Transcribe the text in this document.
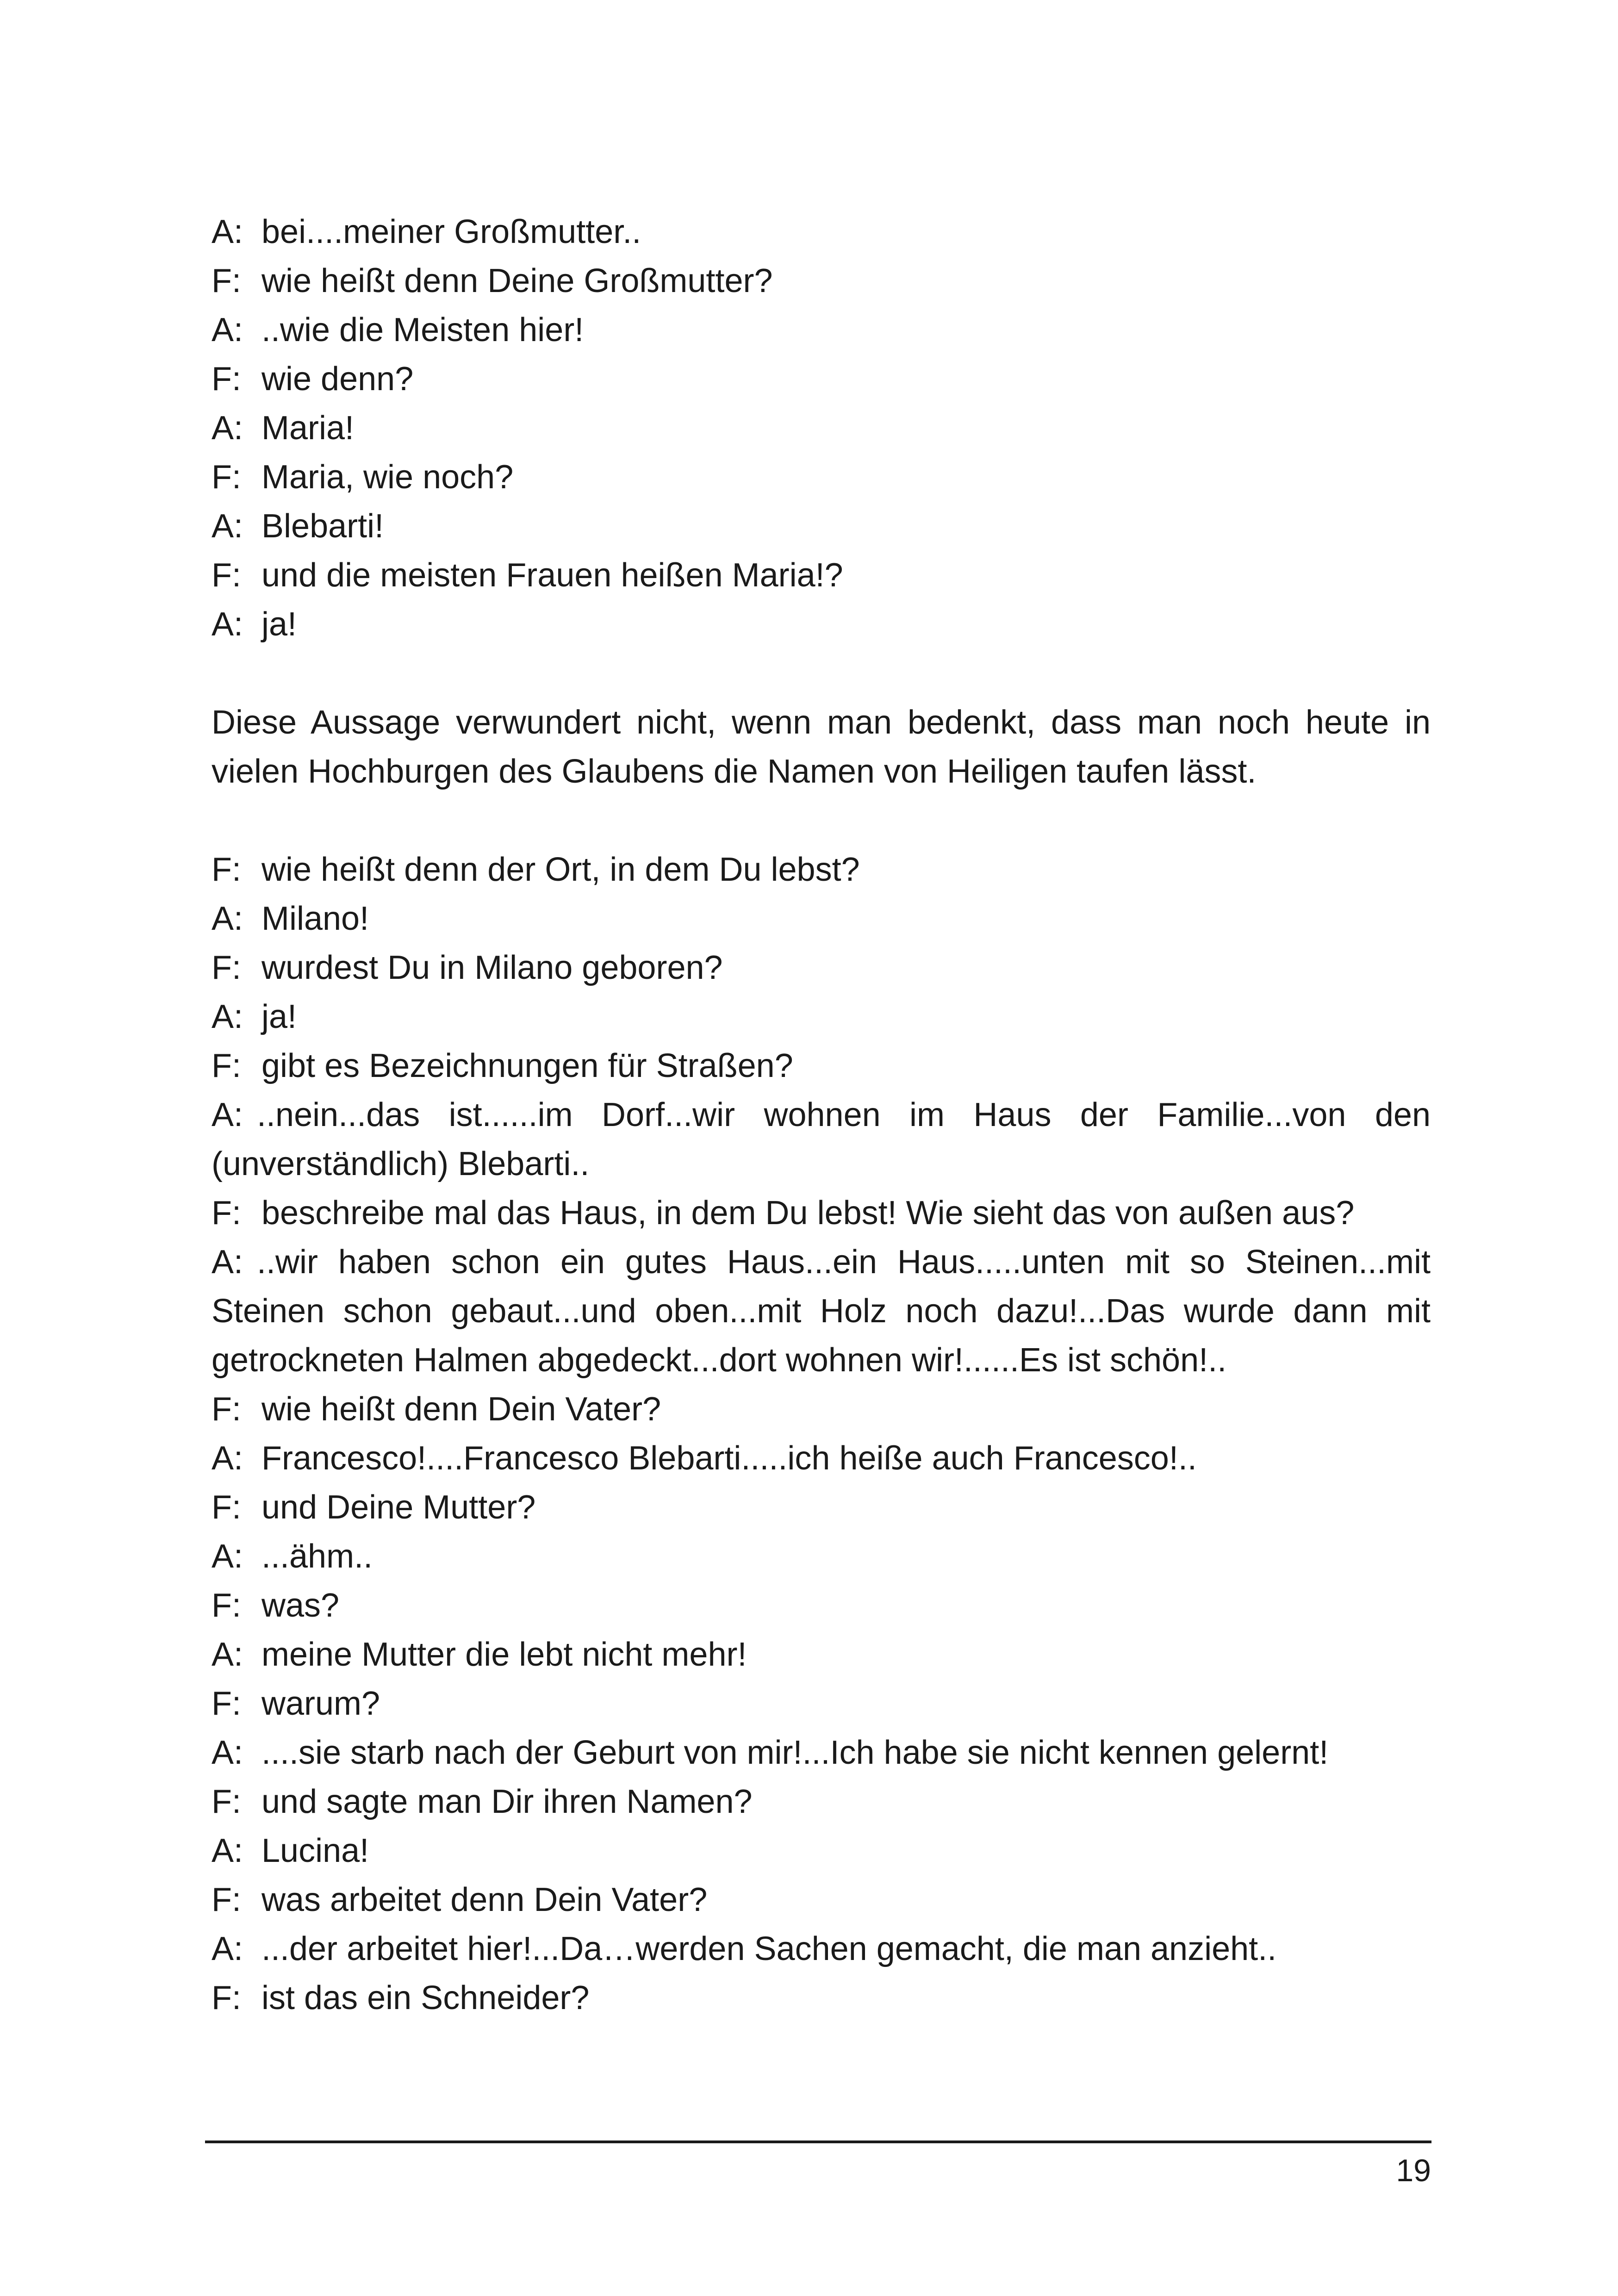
A: bei....meiner Großmutter..
F: wie heißt denn Deine Großmutter?
A: ..wie die Meisten hier!
F: wie denn?
A: Maria!
F: Maria, wie noch?
A: Blebarti!
F: und die meisten Frauen heißen Maria!?
A: ja!

Diese Aussage verwundert nicht, wenn man bedenkt, dass man noch heute in vielen Hochburgen des Glaubens die Namen von Heiligen taufen lässt.

F: wie heißt denn der Ort, in dem Du lebst?
A: Milano!
F: wurdest Du in Milano geboren?
A: ja!
F: gibt es Bezeichnungen für Straßen?
A: ..nein...das ist......im Dorf...wir wohnen im Haus der Familie...von den (unverständlich) Blebarti..
F: beschreibe mal das Haus, in dem Du lebst! Wie sieht das von außen aus?
A: ..wir haben schon ein gutes Haus...ein Haus.....unten mit so Steinen...mit Steinen schon gebaut...und oben...mit Holz noch dazu!...Das wurde dann mit getrockneten Halmen abgedeckt...dort wohnen wir!......Es ist schön!..
F: wie heißt denn Dein Vater?
A: Francesco!....Francesco Blebarti.....ich heiße auch Francesco!..
F: und Deine Mutter?
A: ...ähm..
F: was?
A: meine Mutter die lebt nicht mehr!
F: warum?
A: ....sie starb nach der Geburt von mir!...Ich habe sie nicht kennen gelernt!
F: und sagte man Dir ihren Namen?
A: Lucina!
F: was arbeitet denn Dein Vater?
A: ...der arbeitet hier!...Da…werden Sachen gemacht, die man anzieht..
F: ist das ein Schneider?
19
